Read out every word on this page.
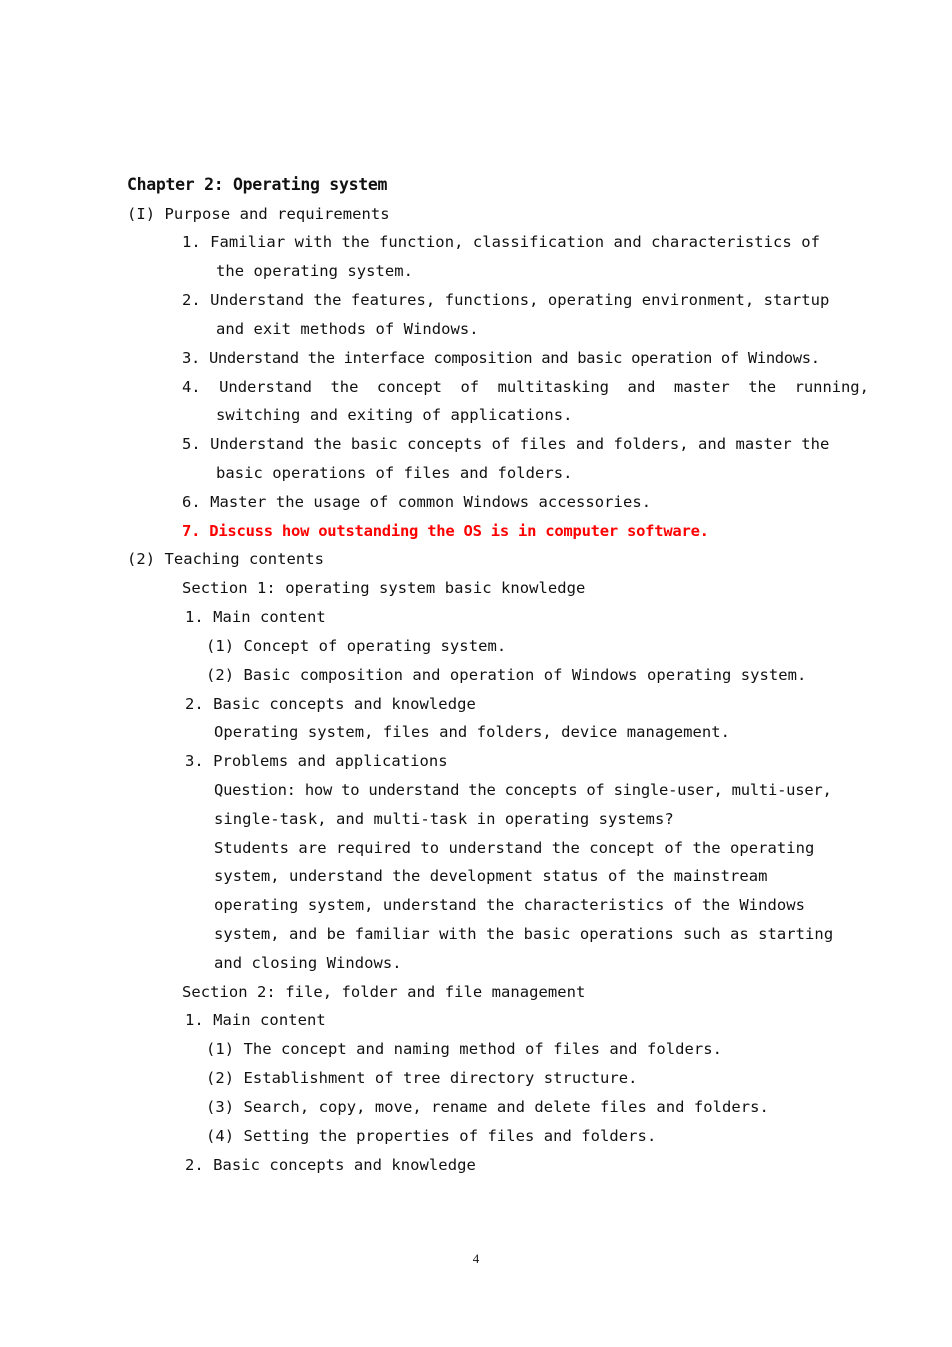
Chapter 2: Operating system

(I) Purpose and requirements

1. Familiar with the function, classification and characteristics of

the operating system.

2. Understand the features, functions, operating environment, startup

and exit methods of Windows.

3. Understand the interface composition and basic operation of Windows.

4.  Understand  the  concept  of  multitasking  and  master  the  running,

switching and exiting of applications.

5. Understand the basic concepts of files and folders, and master the

basic operations of files and folders.

6. Master the usage of common Windows accessories.

7. Discuss how outstanding the OS is in computer software.

(2) Teaching contents

Section 1: operating system basic knowledge

1. Main content

(1) Concept of operating system.

(2) Basic composition and operation of Windows operating system.

2. Basic concepts and knowledge

Operating system, files and folders, device management.

3. Problems and applications

Question: how to understand the concepts of single-user, multi-user,

single-task, and multi-task in operating systems?

Students are required to understand the concept of the operating

system, understand the development status of the mainstream

operating system, understand the characteristics of the Windows

system, and be familiar with the basic operations such as starting

and closing Windows.

Section 2: file, folder and file management

1. Main content

(1) The concept and naming method of files and folders.

(2) Establishment of tree directory structure.

(3) Search, copy, move, rename and delete files and folders.

(4) Setting the properties of files and folders.

2. Basic concepts and knowledge

4
